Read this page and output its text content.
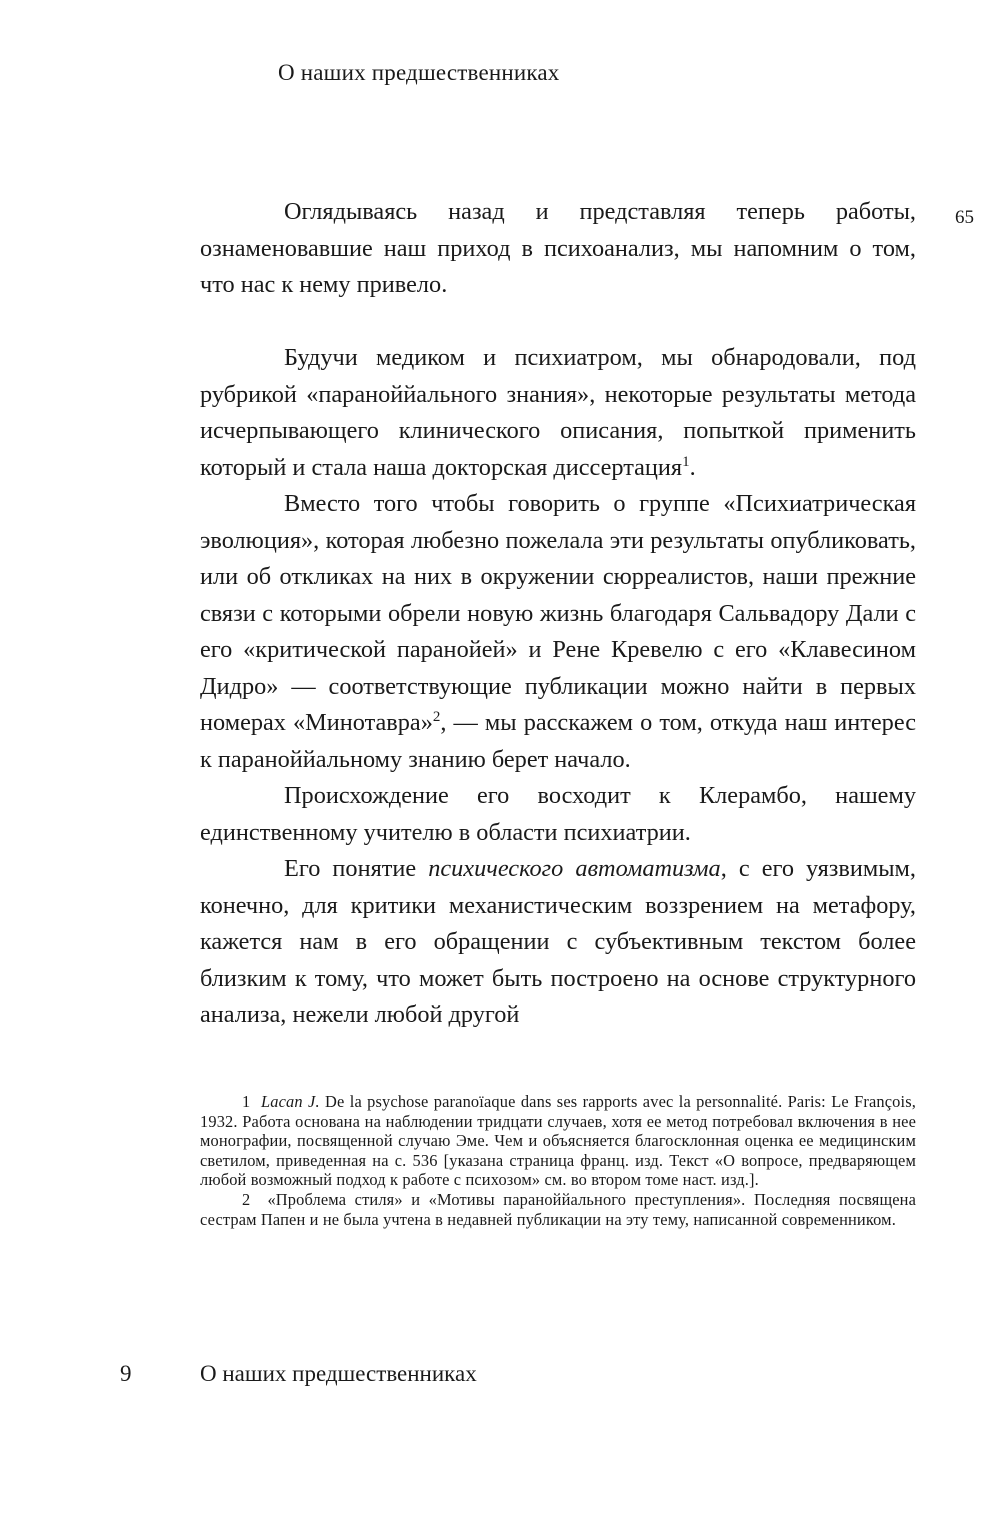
О наших предшественниках
65

Оглядываясь назад и представляя теперь работы, ознаменовавшие наш приход в психоанализ, мы напомним о том, что нас к нему привело.

Будучи медиком и психиатром, мы обнародовали, под рубрикой «параноййального знания», некоторые результаты метода исчерпывающего клинического описания, попыткой применить который и стала наша докторская диссертация$^1$.

Вместо того чтобы говорить о группе «Психиатрическая эволюция», которая любезно пожелала эти результаты опубликовать, или об откликах на них в окружении сюрреалистов, наши прежние связи с которыми обрели новую жизнь благодаря Сальвадору Дали с его «критической паранойей» и Рене Кревелю с его «Клавесином Дидро» — соответствующие публикации можно найти в первых номерах «Минотавра»$^2$, — мы расскажем о том, откуда наш интерес к параноййальному знанию берет начало.

Происхождение его восходит к Клерамбо, нашему единственному учителю в области психиатрии.

Его понятие психического автоматизма, с его уязвимым, конечно, для критики механистическим воззрением на метафору, кажется нам в его обращении с субъективным текстом более близким к тому, что может быть построено на основе структурного анализа, нежели любой другой

1 Lacan J. De la psychose paranoïaque dans ses rapports avec la personnalité. Paris: Le François, 1932. Работа основана на наблюдении тридцати случаев, хотя ее метод потребовал включения в нее монографии, посвященной случаю Эме. Чем и объясняется благосклонная оценка ее медицинским светилом, приведенная на с. 536 [указана страница франц. изд. Текст «О вопросе, предваряющем любой возможный подход к работе с психозом» см. во втором томе наст. изд.].

2 «Проблема стиля» и «Мотивы параноййального преступления». Последняя посвящена сестрам Папен и не была учтена в недавней публикации на эту тему, написанной современником.

9	О наших предшественниках
